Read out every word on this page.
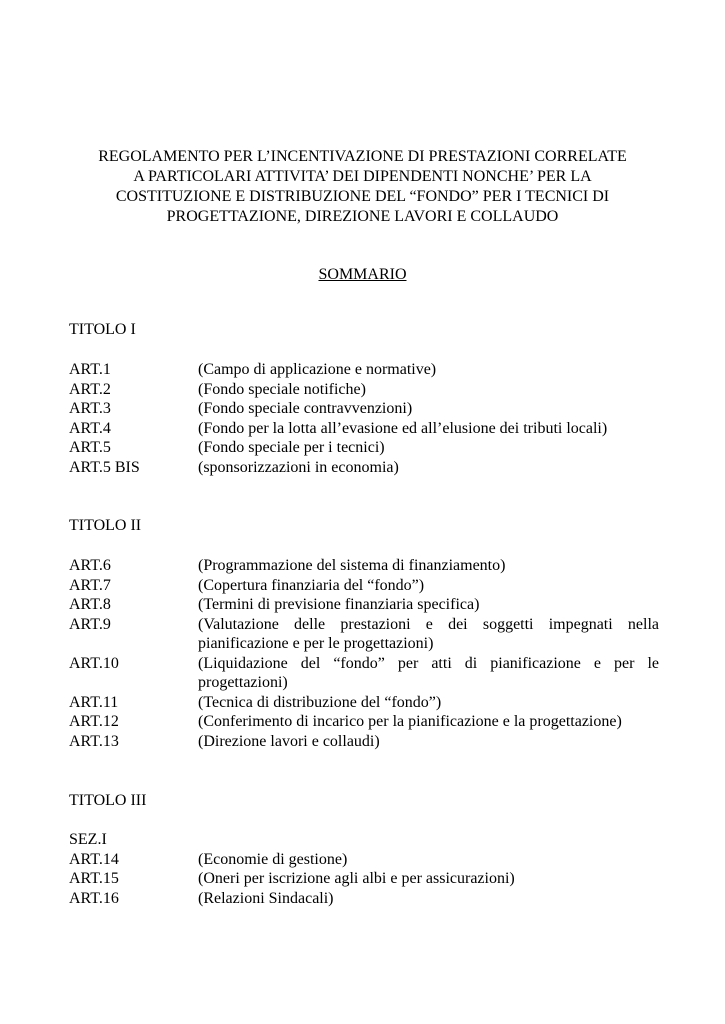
REGOLAMENTO PER L’INCENTIVAZIONE DI PRESTAZIONI CORRELATE
A PARTICOLARI ATTIVITA’ DEI DIPENDENTI NONCHE’ PER LA
COSTITUZIONE E DISTRIBUZIONE DEL “FONDO” PER I TECNICI DI
PROGETTAZIONE, DIREZIONE LAVORI E COLLAUDO
SOMMARIO
TITOLO I
ART.1	(Campo di applicazione e normative)
ART.2	(Fondo speciale notifiche)
ART.3	(Fondo speciale contravvenzioni)
ART.4	(Fondo per la lotta all’evasione ed all’elusione dei tributi locali)
ART.5	(Fondo speciale per i tecnici)
ART.5 BIS	(sponsorizzazioni in economia)
TITOLO II
ART.6	(Programmazione del sistema di finanziamento)
ART.7	(Copertura finanziaria del “fondo”)
ART.8	(Termini di previsione finanziaria specifica)
ART.9	(Valutazione delle prestazioni e dei soggetti impegnati nella
pianificazione e per le progettazioni)
ART.10	(Liquidazione del “fondo” per atti di pianificazione e per le
progettazioni)
ART.11	(Tecnica di distribuzione del “fondo”)
ART.12	(Conferimento di incarico per la pianificazione e la progettazione)
ART.13	(Direzione lavori e collaudi)
TITOLO III
SEZ.I
ART.14	(Economie di gestione)
ART.15	(Oneri per iscrizione agli albi e per assicurazioni)
ART.16	(Relazioni Sindacali)
